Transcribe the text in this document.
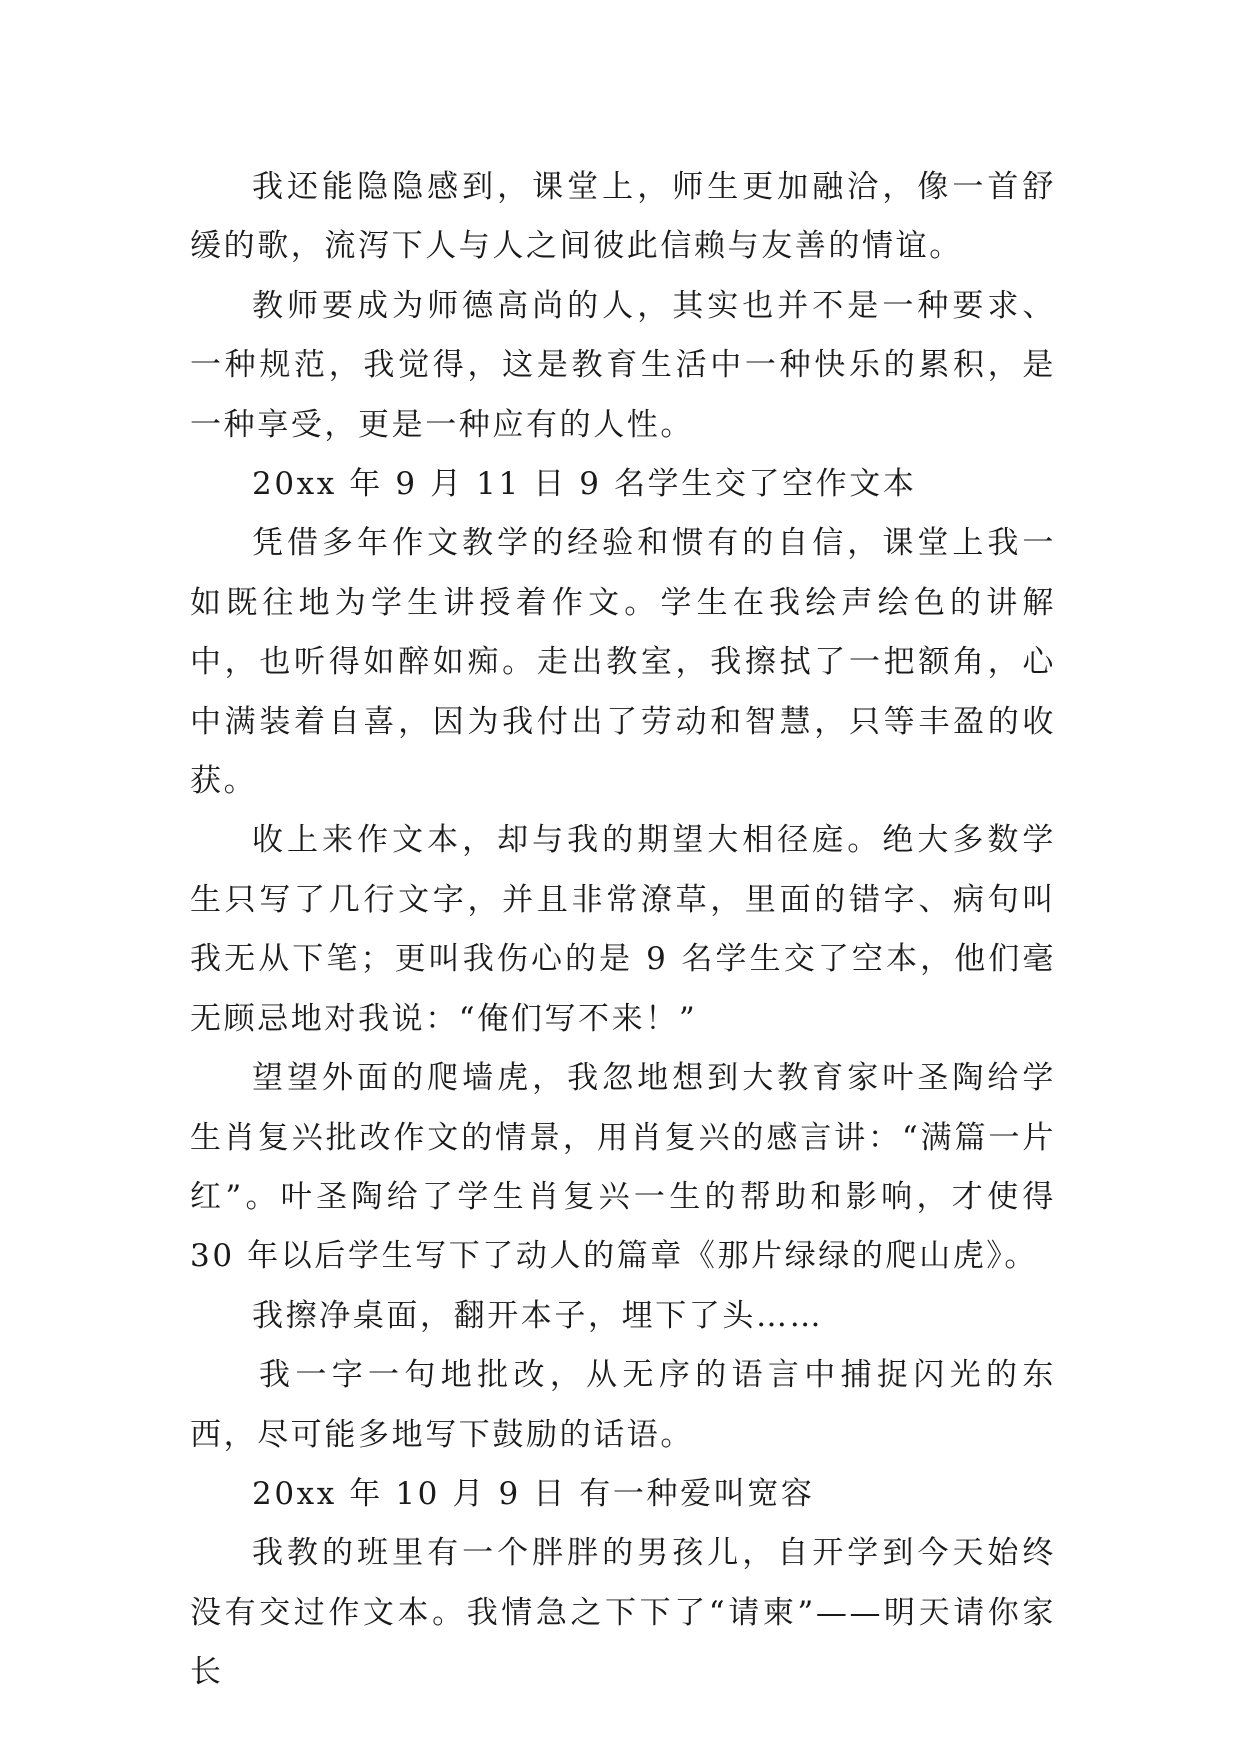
我还能隐隐感到，课堂上，师生更加融洽，像一首舒缓的歌，流泻下人与人之间彼此信赖与友善的情谊。

教师要成为师德高尚的人，其实也并不是一种要求、一种规范，我觉得，这是教育生活中一种快乐的累积，是一种享受，更是一种应有的人性。

20xx 年 9 月 11 日 9 名学生交了空作文本

凭借多年作文教学的经验和惯有的自信，课堂上我一如既往地为学生讲授着作文。学生在我绘声绘色的讲解中，也听得如醉如痴。走出教室，我擦拭了一把额角，心中满装着自喜，因为我付出了劳动和智慧，只等丰盈的收获。

收上来作文本，却与我的期望大相径庭。绝大多数学生只写了几行文字，并且非常潦草，里面的错字、病句叫我无从下笔；更叫我伤心的是 9 名学生交了空本，他们毫无顾忌地对我说：“俺们写不来！”

望望外面的爬墙虎，我忽地想到大教育家叶圣陶给学生肖复兴批改作文的情景，用肖复兴的感言讲：“满篇一片红”。叶圣陶给了学生肖复兴一生的帮助和影响，才使得 30 年以后学生写下了动人的篇章《那片绿绿的爬山虎》。

我擦净桌面，翻开本子，埋下了头……

我一字一句地批改，从无序的语言中捕捉闪光的东西，尽可能多地写下鼓励的话语。

20xx 年 10 月 9 日 有一种爱叫宽容

我教的班里有一个胖胖的男孩儿，自开学到今天始终没有交过作文本。我情急之下下了“请柬”——明天请你家长
